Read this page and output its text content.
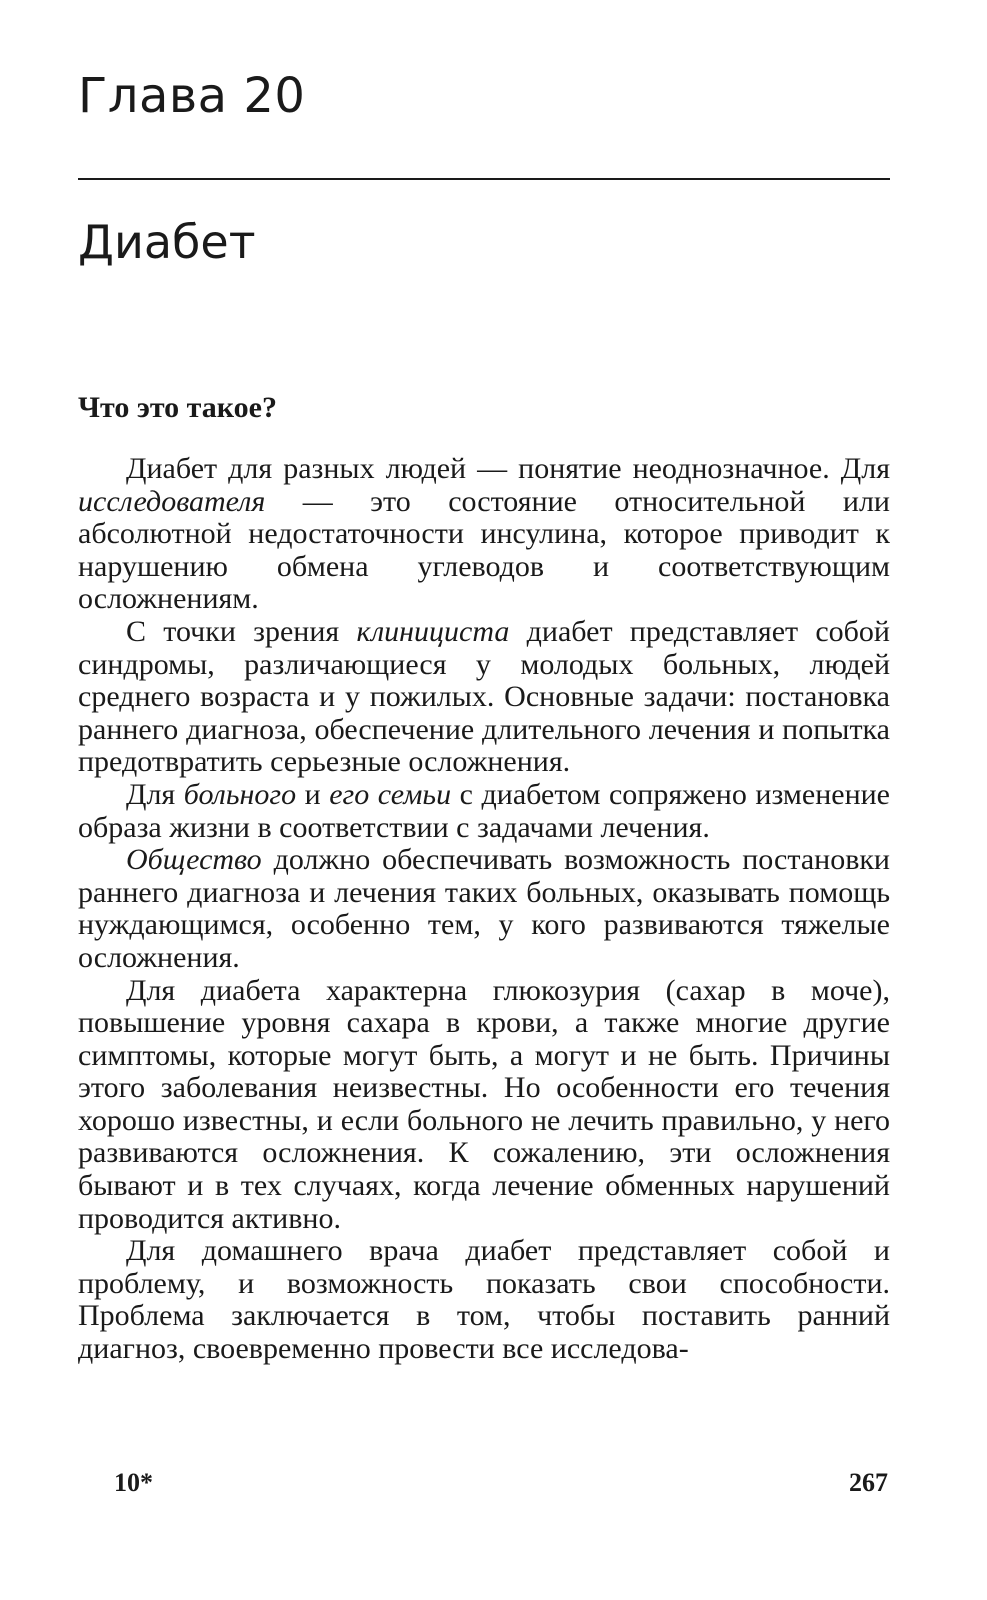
Глава 20
Диабет
Что это такое?

Диабет для разных людей — понятие неоднозначное. Для исследователя — это состояние относительной или абсолютной недостаточности инсулина, которое приводит к нарушению обмена углеводов и соответствующим осложнениям.

С точки зрения клинициста диабет представляет собой синдромы, различающиеся у молодых больных, людей среднего возраста и у пожилых. Основные задачи: постановка раннего диагноза, обеспечение длительного лечения и попытка предотвратить серьезные осложнения.

Для больного и его семьи с диабетом сопряжено изменение образа жизни в соответствии с задачами лечения.

Общество должно обеспечивать возможность постановки раннего диагноза и лечения таких больных, оказывать помощь нуждающимся, особенно тем, у кого развиваются тяжелые осложнения.

Для диабета характерна глюкозурия (сахар в моче), повышение уровня сахара в крови, а также многие другие симптомы, которые могут быть, а могут и не быть. Причины этого заболевания неизвестны. Но особенности его течения хорошо известны, и если больного не лечить правильно, у него развиваются осложнения. К сожалению, эти осложнения бывают и в тех случаях, когда лечение обменных нарушений проводится активно.

Для домашнего врача диабет представляет собой и проблему, и возможность показать свои способности. Проблема заключается в том, чтобы поставить ранний диагноз, своевременно провести все исследова-

10*	267
